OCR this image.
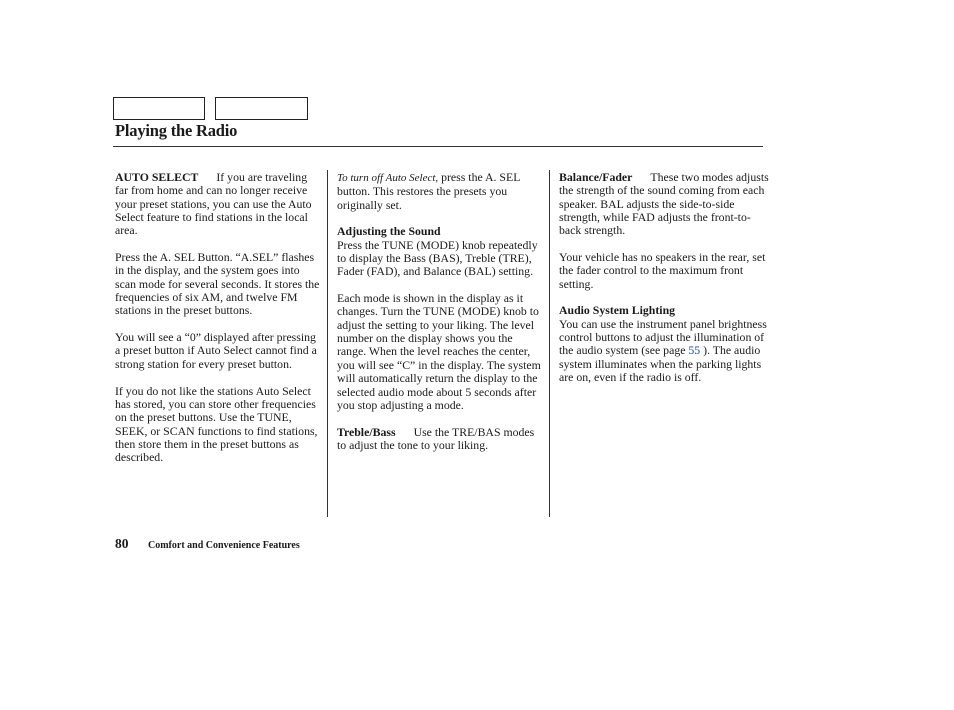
Playing the Radio

AUTO SELECT If you are traveling far from home and can no longer receive your preset stations, you can use the Auto Select feature to find stations in the local area.

Press the A. SEL Button. “A.SEL” flashes in the display, and the system goes into scan mode for several seconds. It stores the frequencies of six AM, and twelve FM stations in the preset buttons.

You will see a “0” displayed after pressing a preset button if Auto Select cannot find a strong station for every preset button.

If you do not like the stations Auto Select has stored, you can store other frequencies on the preset buttons. Use the TUNE, SEEK, or SCAN functions to find stations, then store them in the preset buttons as described.

To turn off Auto Select, press the A. SEL button. This restores the presets you originally set.

Adjusting the Sound
Press the TUNE (MODE) knob repeatedly to display the Bass (BAS), Treble (TRE), Fader (FAD), and Balance (BAL) setting.

Each mode is shown in the display as it changes. Turn the TUNE (MODE) knob to adjust the setting to your liking. The level number on the display shows you the range. When the level reaches the center, you will see “C” in the display. The system will automatically return the display to the selected audio mode about 5 seconds after you stop adjusting a mode.

Treble/Bass Use the TRE/BAS modes to adjust the tone to your liking.

Balance/Fader These two modes adjusts the strength of the sound coming from each speaker. BAL adjusts the side-to-side strength, while FAD adjusts the front-to-back strength.

Your vehicle has no speakers in the rear, set the fader control to the maximum front setting.

Audio System Lighting
You can use the instrument panel brightness control buttons to adjust the illumination of the audio system (see page 55 ). The audio system illuminates when the parking lights are on, even if the radio is off.

80 Comfort and Convenience Features
